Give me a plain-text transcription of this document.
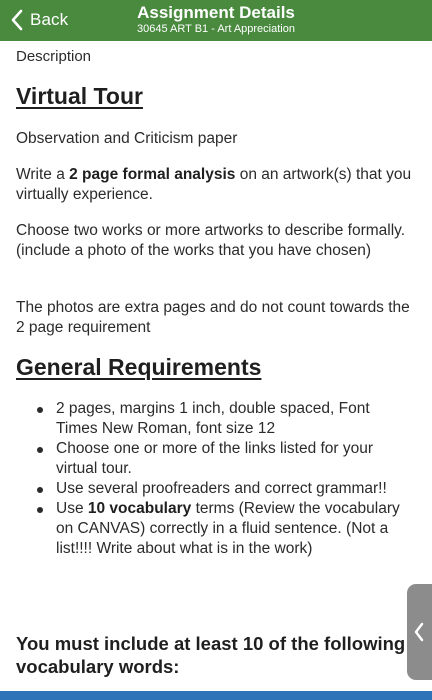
Back	Assignment Details
30645 ART B1 - Art Appreciation
Description
Virtual Tour
Observation and Criticism paper
Write a 2 page formal analysis on an artwork(s) that you virtually experience.
Choose two works or more artworks to describe formally. (include a photo of the works that you have chosen)
The photos are extra pages and do not count towards the 2 page requirement
General Requirements
2 pages, margins 1 inch, double spaced, Font Times New Roman, font size 12
Choose one or more of the links listed for your virtual tour.
Use several proofreaders and correct grammar!!
Use 10 vocabulary terms (Review the vocabulary on CANVAS) correctly in a fluid sentence. (Not a list!!!! Write about what is in the work)
You must include at least 10 of the following vocabulary words:
